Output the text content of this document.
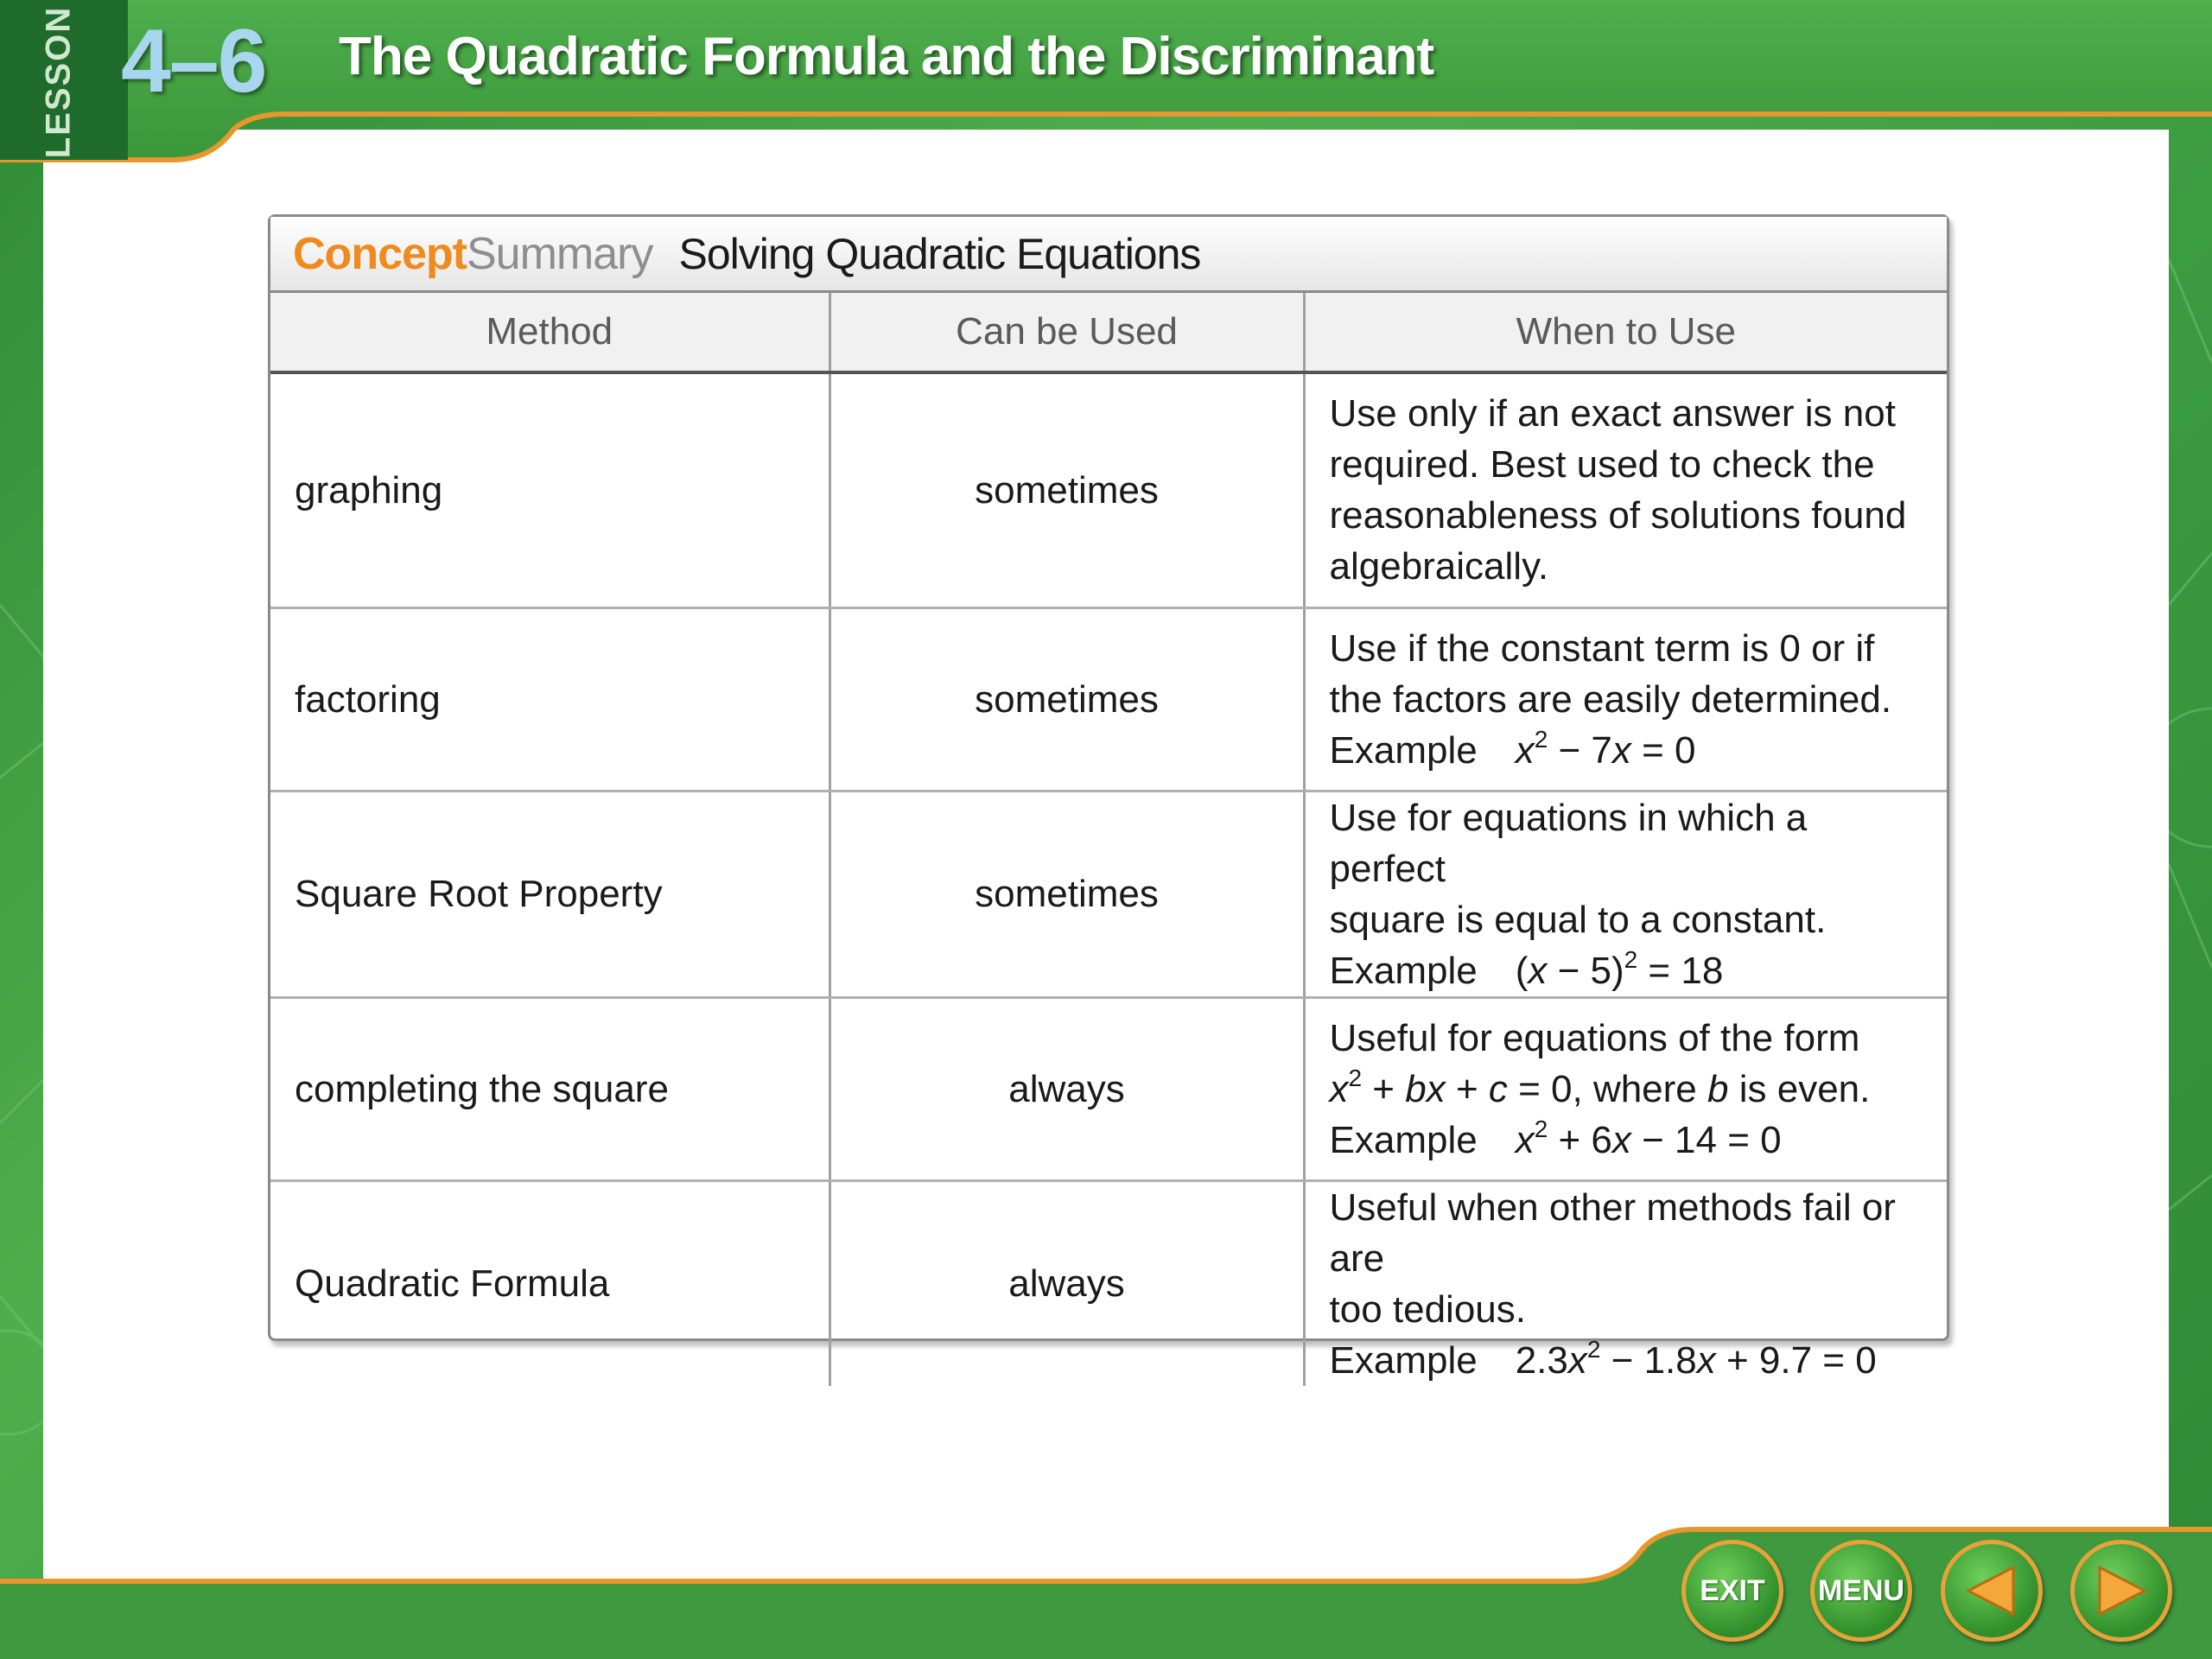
LESSON 4–6 The Quadratic Formula and the Discriminant
Concept Summary Solving Quadratic Equations
Method	Can be Used	When to Use
graphing	sometimes	Use only if an exact answer is not
required. Best used to check the
reasonableness of solutions found
algebraically.

factoring	sometimes	Use if the constant term is 0 or if
the factors are easily determined.
Example $x^2 - 7x = 0$

Square Root Property	sometimes	Use for equations in which a perfect
square is equal to a constant.
Example $(x - 5)^2 = 18$

completing the square	always	Useful for equations of the form
$x^2$ + bx + c = 0, where b is even.
Example $x^2 + 6x - 14 = 0$

Quadratic Formula	always	Useful when other methods fail or are
too tedious.
Example $2.3x^2 - 1.8x + 9.7 = 0$
EXIT	MENU
